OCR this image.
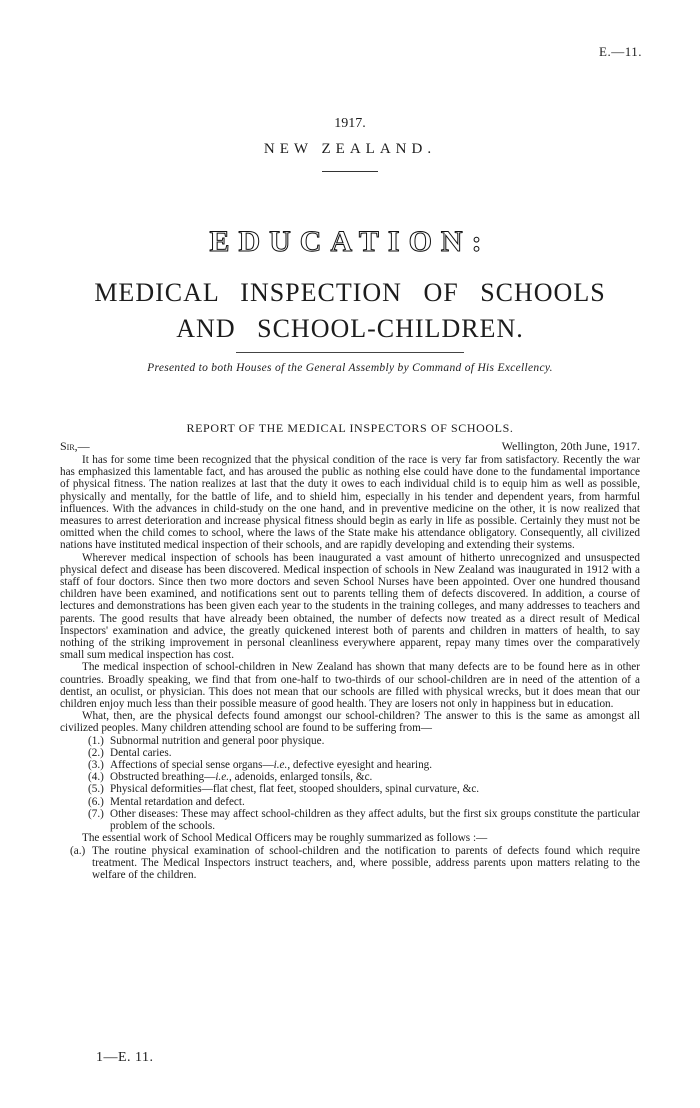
E.—11.
1917.
NEW ZEALAND.
EDUCATION:
MEDICAL INSPECTION OF SCHOOLS AND SCHOOL-CHILDREN.
Presented to both Houses of the General Assembly by Command of His Excellency.
REPORT OF THE MEDICAL INSPECTORS OF SCHOOLS.
Sir,—	Wellington, 20th June, 1917.

It has for some time been recognized that the physical condition of the race is very far from satisfactory. Recently the war has emphasized this lamentable fact, and has aroused the public as nothing else could have done to the fundamental importance of physical fitness. The nation realizes at last that the duty it owes to each individual child is to equip him as well as possible, physically and mentally, for the battle of life, and to shield him, especially in his tender and dependent years, from harmful influences. With the advances in child-study on the one hand, and in preventive medicine on the other, it is now realized that measures to arrest deterioration and increase physical fitness should begin as early in life as possible. Certainly they must not be omitted when the child comes to school, where the laws of the State make his attendance obligatory. Consequently, all civilized nations have instituted medical inspection of their schools, and are rapidly developing and extending their systems.

Wherever medical inspection of schools has been inaugurated a vast amount of hitherto unrecognized and unsuspected physical defect and disease has been discovered. Medical inspection of schools in New Zealand was inaugurated in 1912 with a staff of four doctors. Since then two more doctors and seven School Nurses have been appointed. Over one hundred thousand children have been examined, and notifications sent out to parents telling them of defects discovered. In addition, a course of lectures and demonstrations has been given each year to the students in the training colleges, and many addresses to teachers and parents. The good results that have already been obtained, the number of defects now treated as a direct result of Medical Inspectors' examination and advice, the greatly quickened interest both of parents and children in matters of health, to say nothing of the striking improvement in personal cleanliness everywhere apparent, repay many times over the comparatively small sum medical inspection has cost.

The medical inspection of school-children in New Zealand has shown that many defects are to be found here as in other countries. Broadly speaking, we find that from one-half to two-thirds of our school-children are in need of the attention of a dentist, an oculist, or physician. This does not mean that our schools are filled with physical wrecks, but it does mean that our children enjoy much less than their possible measure of good health. They are losers not only in happiness but in education.

What, then, are the physical defects found amongst our school-children? The answer to this is the same as amongst all civilized peoples. Many children attending school are found to be suffering from—

(1.) Subnormal nutrition and general poor physique.
(2.) Dental caries.
(3.) Affections of special sense organs—i.e., defective eyesight and hearing.
(4.) Obstructed breathing—i.e., adenoids, enlarged tonsils, &c.
(5.) Physical deformities—flat chest, flat feet, stooped shoulders, spinal curvature, &c.
(6.) Mental retardation and defect.
(7.) Other diseases: These may affect school-children as they affect adults, but the first six groups constitute the particular problem of the schools.

The essential work of School Medical Officers may be roughly summarized as follows :—

(a.) The routine physical examination of school-children and the notification to parents of defects found which require treatment. The Medical Inspectors instruct teachers, and, where possible, address parents upon matters relating to the welfare of the children.
1—E. 11.
